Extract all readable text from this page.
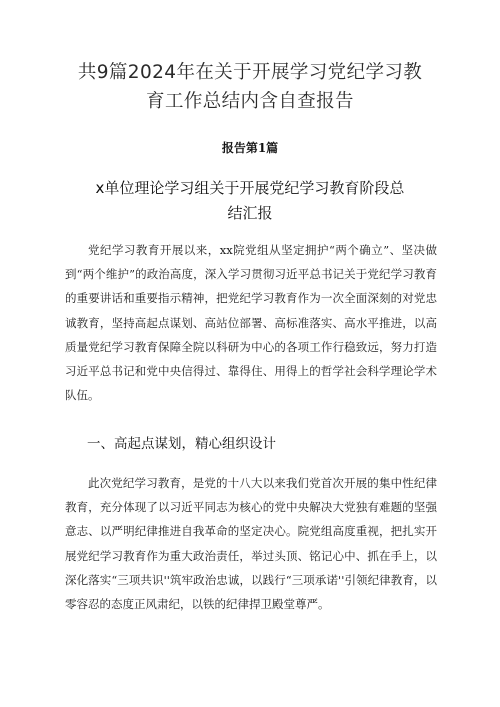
共9篇2024年在关于开展学习党纪学习教
育工作总结内含自查报告
报告第1篇
x单位理论学习组关于开展党纪学习教育阶段总
结汇报

党纪学习教育开展以来，xx院党组从坚定拥护“两个确立”、坚决做到“两个维护”的政治高度，深入学习贯彻习近平总书记关于党纪学习教育的重要讲话和重要指示精神，把党纪学习教育作为一次全面深刻的对党忠诚教育，坚持高起点谋划、高站位部署、高标准落实、高水平推进，以高质量党纪学习教育保障全院以科研为中心的各项工作行稳致远，努力打造习近平总书记和党中央信得过、靠得住、用得上的哲学社会科学理论学术队伍。

一、高起点谋划，精心组织设计

此次党纪学习教育，是党的十八大以来我们党首次开展的集中性纪律教育，充分体现了以习近平同志为核心的党中央解决大党独有难题的坚强意志、以严明纪律推进自我革命的坚定决心。院党组高度重视，把扎实开展党纪学习教育作为重大政治责任，举过头顶、铭记心中、抓在手上，以深化落实“三项共识''筑牢政治忠诚，以践行“三项承诺''引领纪律教育，以零容忍的态度正风肃纪，以铁的纪律捍卫殿堂尊严。
